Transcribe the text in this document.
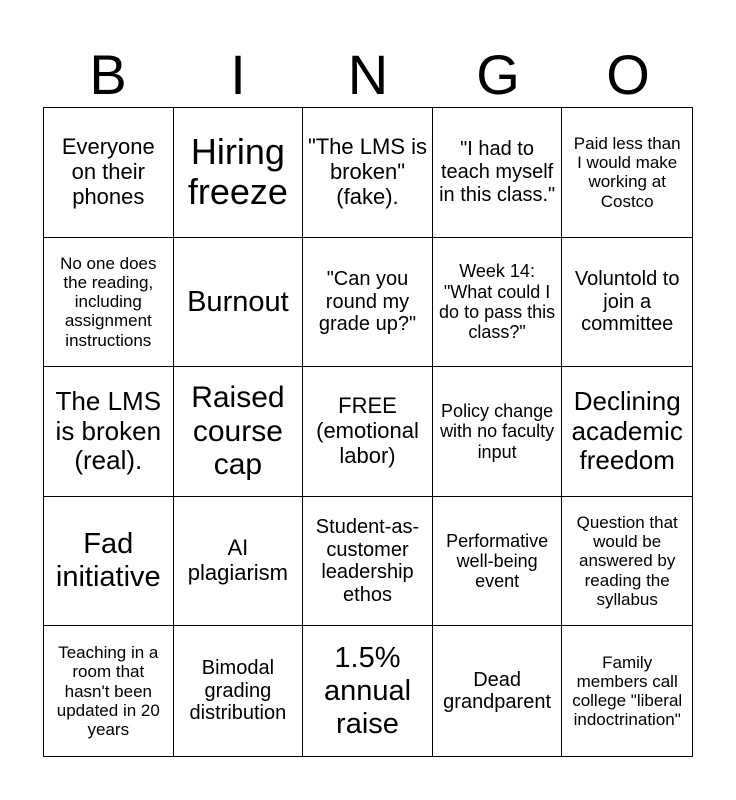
B	I	N	G	O
Everyone on their phones
Hiring freeze
"The LMS is broken" (fake).
"I had to teach myself in this class."
Paid less than I would make working at Costco
No one does the reading, including assignment instructions
Burnout
"Can you round my grade up?"
Week 14: "What could I do to pass this class?"
Voluntold to join a committee
The LMS is broken (real).
Raised course cap
FREE (emotional labor)
Policy change with no faculty input
Declining academic freedom
Fad initiative
AI plagiarism
Student-as-customer leadership ethos
Performative well-being event
Question that would be answered by reading the syllabus
Teaching in a room that hasn't been updated in 20 years
Bimodal grading distribution
1.5% annual raise
Dead grandparent
Family members call college "liberal indoctrination"
